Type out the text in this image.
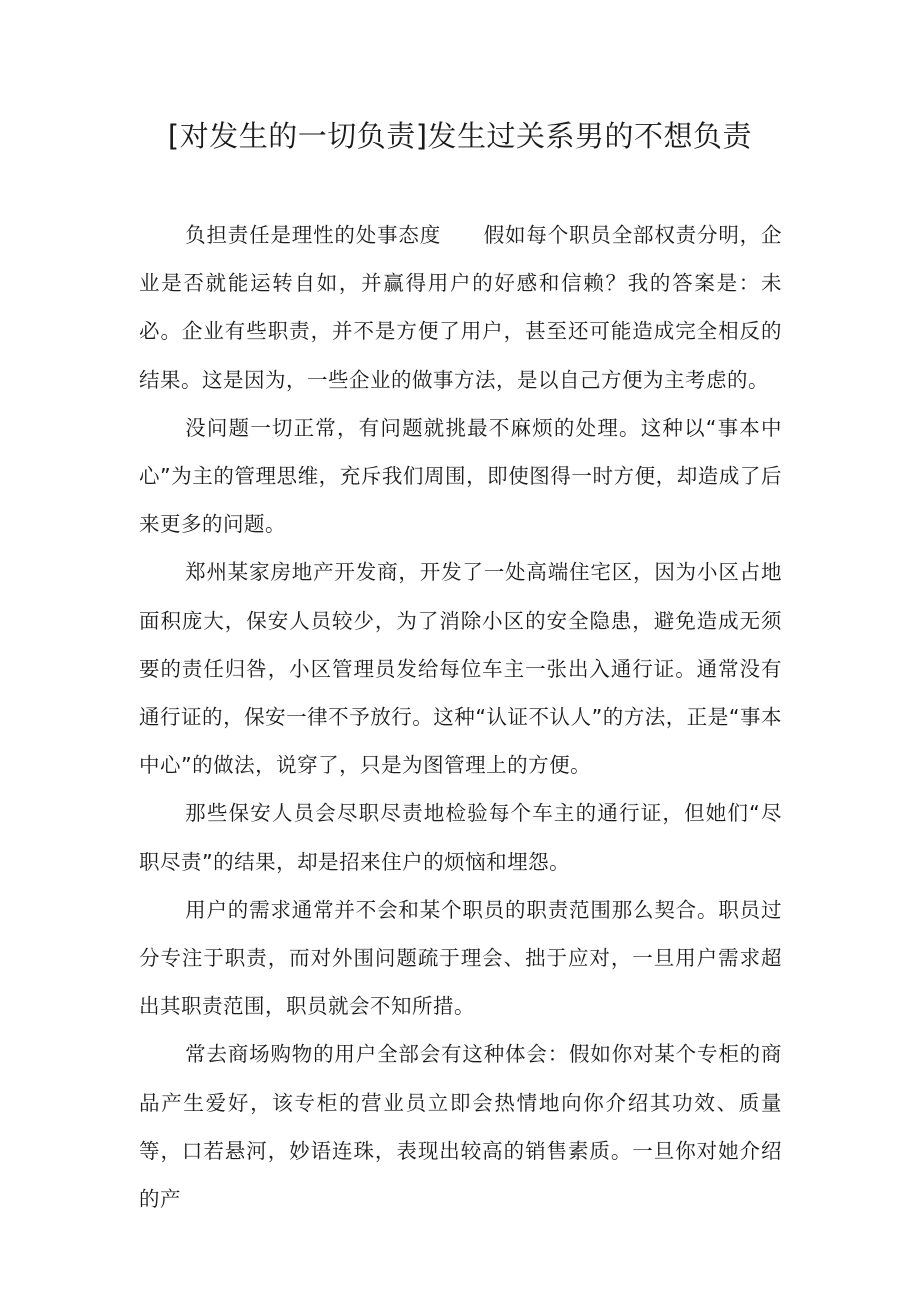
[对发生的一切负责]发生过关系男的不想负责

负担责任是理性的处事态度　　假如每个职员全部权责分明，企业是否就能运转自如，并赢得用户的好感和信赖？我的答案是：未必。企业有些职责，并不是方便了用户，甚至还可能造成完全相反的结果。这是因为，一些企业的做事方法，是以自己方便为主考虑的。

没问题一切正常，有问题就挑最不麻烦的处理。这种以“事本中心”为主的管理思维，充斥我们周围，即使图得一时方便，却造成了后来更多的问题。

郑州某家房地产开发商，开发了一处高端住宅区，因为小区占地面积庞大，保安人员较少，为了消除小区的安全隐患，避免造成无须要的责任归咎，小区管理员发给每位车主一张出入通行证。通常没有通行证的，保安一律不予放行。这种“认证不认人”的方法，正是“事本中心”的做法，说穿了，只是为图管理上的方便。

那些保安人员会尽职尽责地检验每个车主的通行证，但她们“尽职尽责”的结果，却是招来住户的烦恼和埋怨。

用户的需求通常并不会和某个职员的职责范围那么契合。职员过分专注于职责，而对外围问题疏于理会、拙于应对，一旦用户需求超出其职责范围，职员就会不知所措。

常去商场购物的用户全部会有这种体会：假如你对某个专柜的商品产生爱好，该专柜的营业员立即会热情地向你介绍其功效、质量等，口若悬河，妙语连珠，表现出较高的销售素质。一旦你对她介绍的产
